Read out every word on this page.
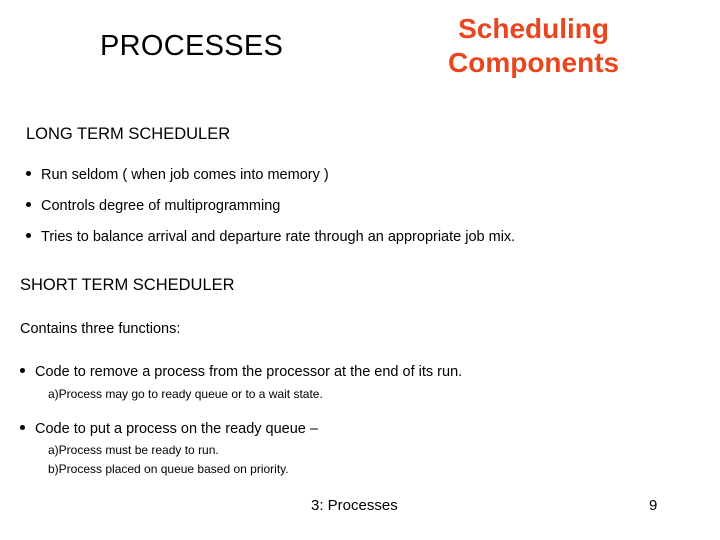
PROCESSES
Scheduling
Components
LONG TERM SCHEDULER
Run seldom ( when job comes into memory )
Controls degree of multiprogramming
Tries to balance arrival and departure rate through an appropriate job mix.
SHORT TERM SCHEDULER
Contains three functions:
Code to remove a process from the processor at the end of its run.
a)Process may go to ready queue or to a wait state.
Code to put a process on the ready queue –
a)Process must be ready to run.
b)Process placed on queue based on priority.
3: Processes	9
